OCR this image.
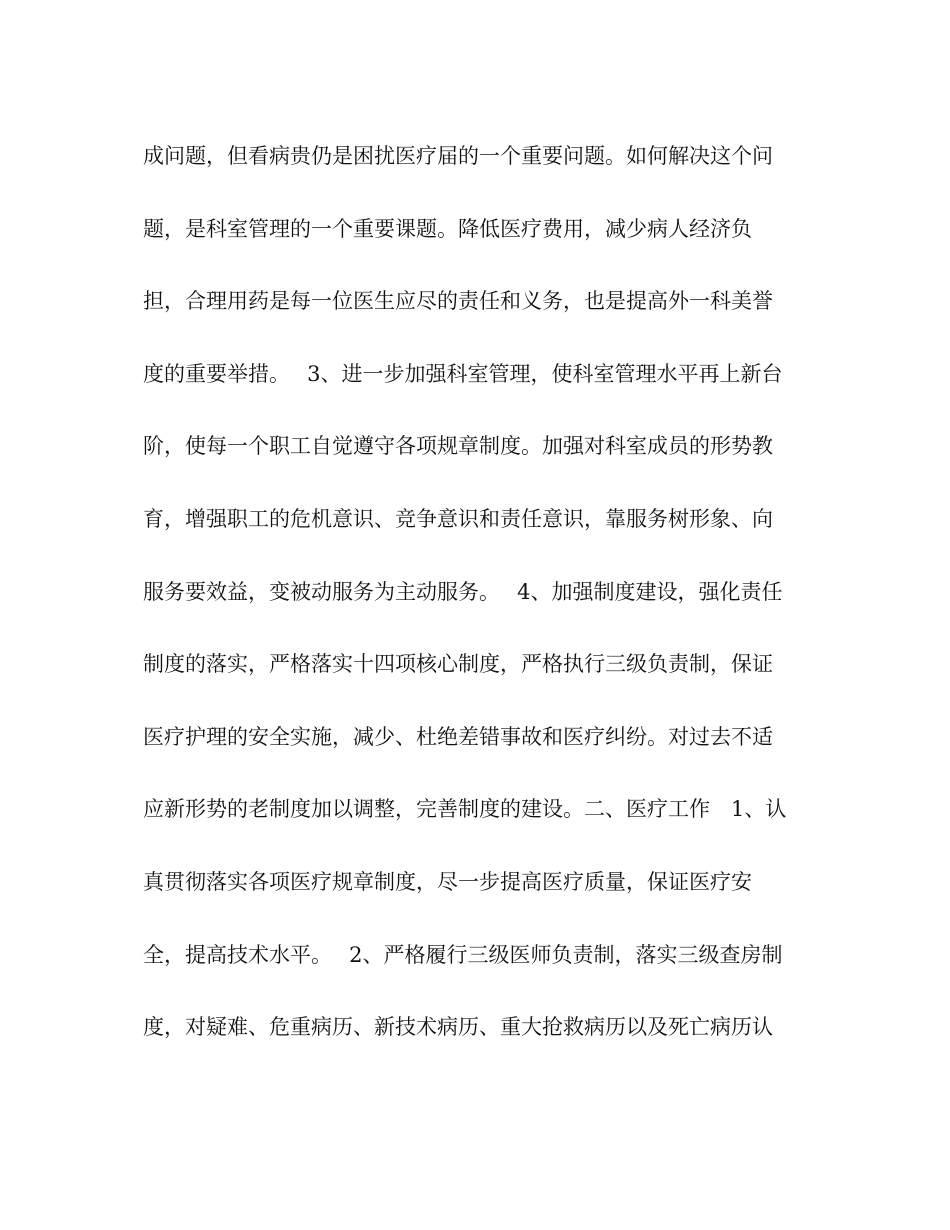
成问题，但看病贵仍是困扰医疗届的一个重要问题。如何解决这个问
题，是科室管理的一个重要课题。降低医疗费用，减少病人经济负
担，合理用药是每一位医生应尽的责任和义务，也是提高外一科美誉
度的重要举措。　 3、进一步加强科室管理，使科室管理水平再上新台
阶，使每一个职工自觉遵守各项规章制度。加强对科室成员的形势教
育，增强职工的危机意识、竞争意识和责任意识，靠服务树形象、向
服务要效益，变被动服务为主动服务。　 4、加强制度建设，强化责任
制度的落实，严格落实十四项核心制度，严格执行三级负责制，保证
医疗护理的安全实施，减少、杜绝差错事故和医疗纠纷。对过去不适
应新形势的老制度加以调整，完善制度的建设。二、医疗工作　1、认
真贯彻落实各项医疗规章制度，尽一步提高医疗质量，保证医疗安
全，提高技术水平。　 2、严格履行三级医师负责制，落实三级查房制
度，对疑难、危重病历、新技术病历、重大抢救病历以及死亡病历认
